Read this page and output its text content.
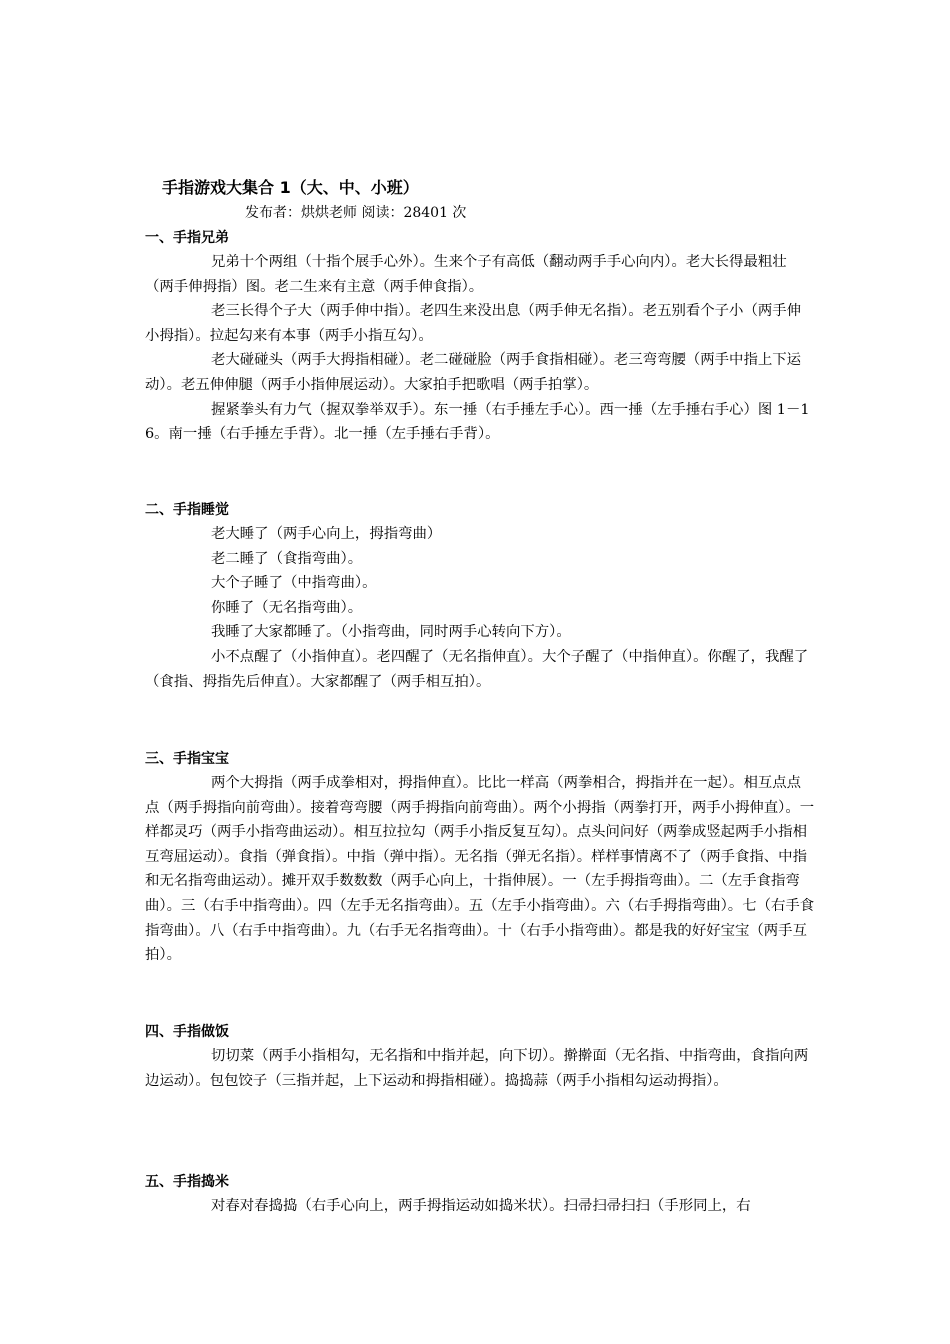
手指游戏大集合 1（大、中、小班）
发布者：烘烘老师 阅读：28401 次
一、手指兄弟

兄弟十个两组（十指个展手心外）。生来个子有高低（翻动两手手心向内）。老大长得最粗壮（两手伸拇指）图。老二生来有主意（两手伸食指）。

老三长得个子大（两手伸中指）。老四生来没出息（两手伸无名指）。老五别看个子小（两手伸小拇指）。拉起勾来有本事（两手小指互勾）。

老大碰碰头（两手大拇指相碰）。老二碰碰脸（两手食指相碰）。老三弯弯腰（两手中指上下运动）。老五伸伸腿（两手小指伸展运动）。大家拍手把歌唱（两手拍掌）。

握紧拳头有力气（握双拳举双手）。东一捶（右手捶左手心）。西一捶（左手捶右手心）图 1－16。南一捶（右手捶左手背）。北一捶（左手捶右手背）。

二、手指睡觉

老大睡了（两手心向上，拇指弯曲）

老二睡了（食指弯曲）。

大个子睡了（中指弯曲）。

你睡了（无名指弯曲）。

我睡了大家都睡了。（小指弯曲，同时两手心转向下方）。

小不点醒了（小指伸直）。老四醒了（无名指伸直）。大个子醒了（中指伸直）。你醒了，我醒了（食指、拇指先后伸直）。大家都醒了（两手相互拍）。

三、手指宝宝

两个大拇指（两手成拳相对，拇指伸直）。比比一样高（两拳相合，拇指并在一起）。相互点点点（两手拇指向前弯曲）。接着弯弯腰（两手拇指向前弯曲）。两个小拇指（两拳打开，两手小拇伸直）。一样都灵巧（两手小指弯曲运动）。相互拉拉勾（两手小指反复互勾）。点头问问好（两拳成竖起两手小指相互弯屈运动）。食指（弹食指）。中指（弹中指）。无名指（弹无名指）。样样事情离不了（两手食指、中指和无名指弯曲运动）。摊开双手数数数（两手心向上，十指伸展）。一（左手拇指弯曲）。二（左手食指弯曲）。三（右手中指弯曲）。四（左手无名指弯曲）。五（左手小指弯曲）。六（右手拇指弯曲）。七（右手食指弯曲）。八（右手中指弯曲）。九（右手无名指弯曲）。十（右手小指弯曲）。都是我的好好宝宝（两手互拍）。

四、手指做饭

切切菜（两手小指相勾，无名指和中指并起，向下切）。擀擀面（无名指、中指弯曲，食指向两边运动）。包包饺子（三指并起，上下运动和拇指相碰）。捣捣蒜（两手小指相勾运动拇指）。

五、手指捣米

对春对春捣捣（右手心向上，两手拇指运动如捣米状）。扫帚扫帚扫扫（手形同上，右
